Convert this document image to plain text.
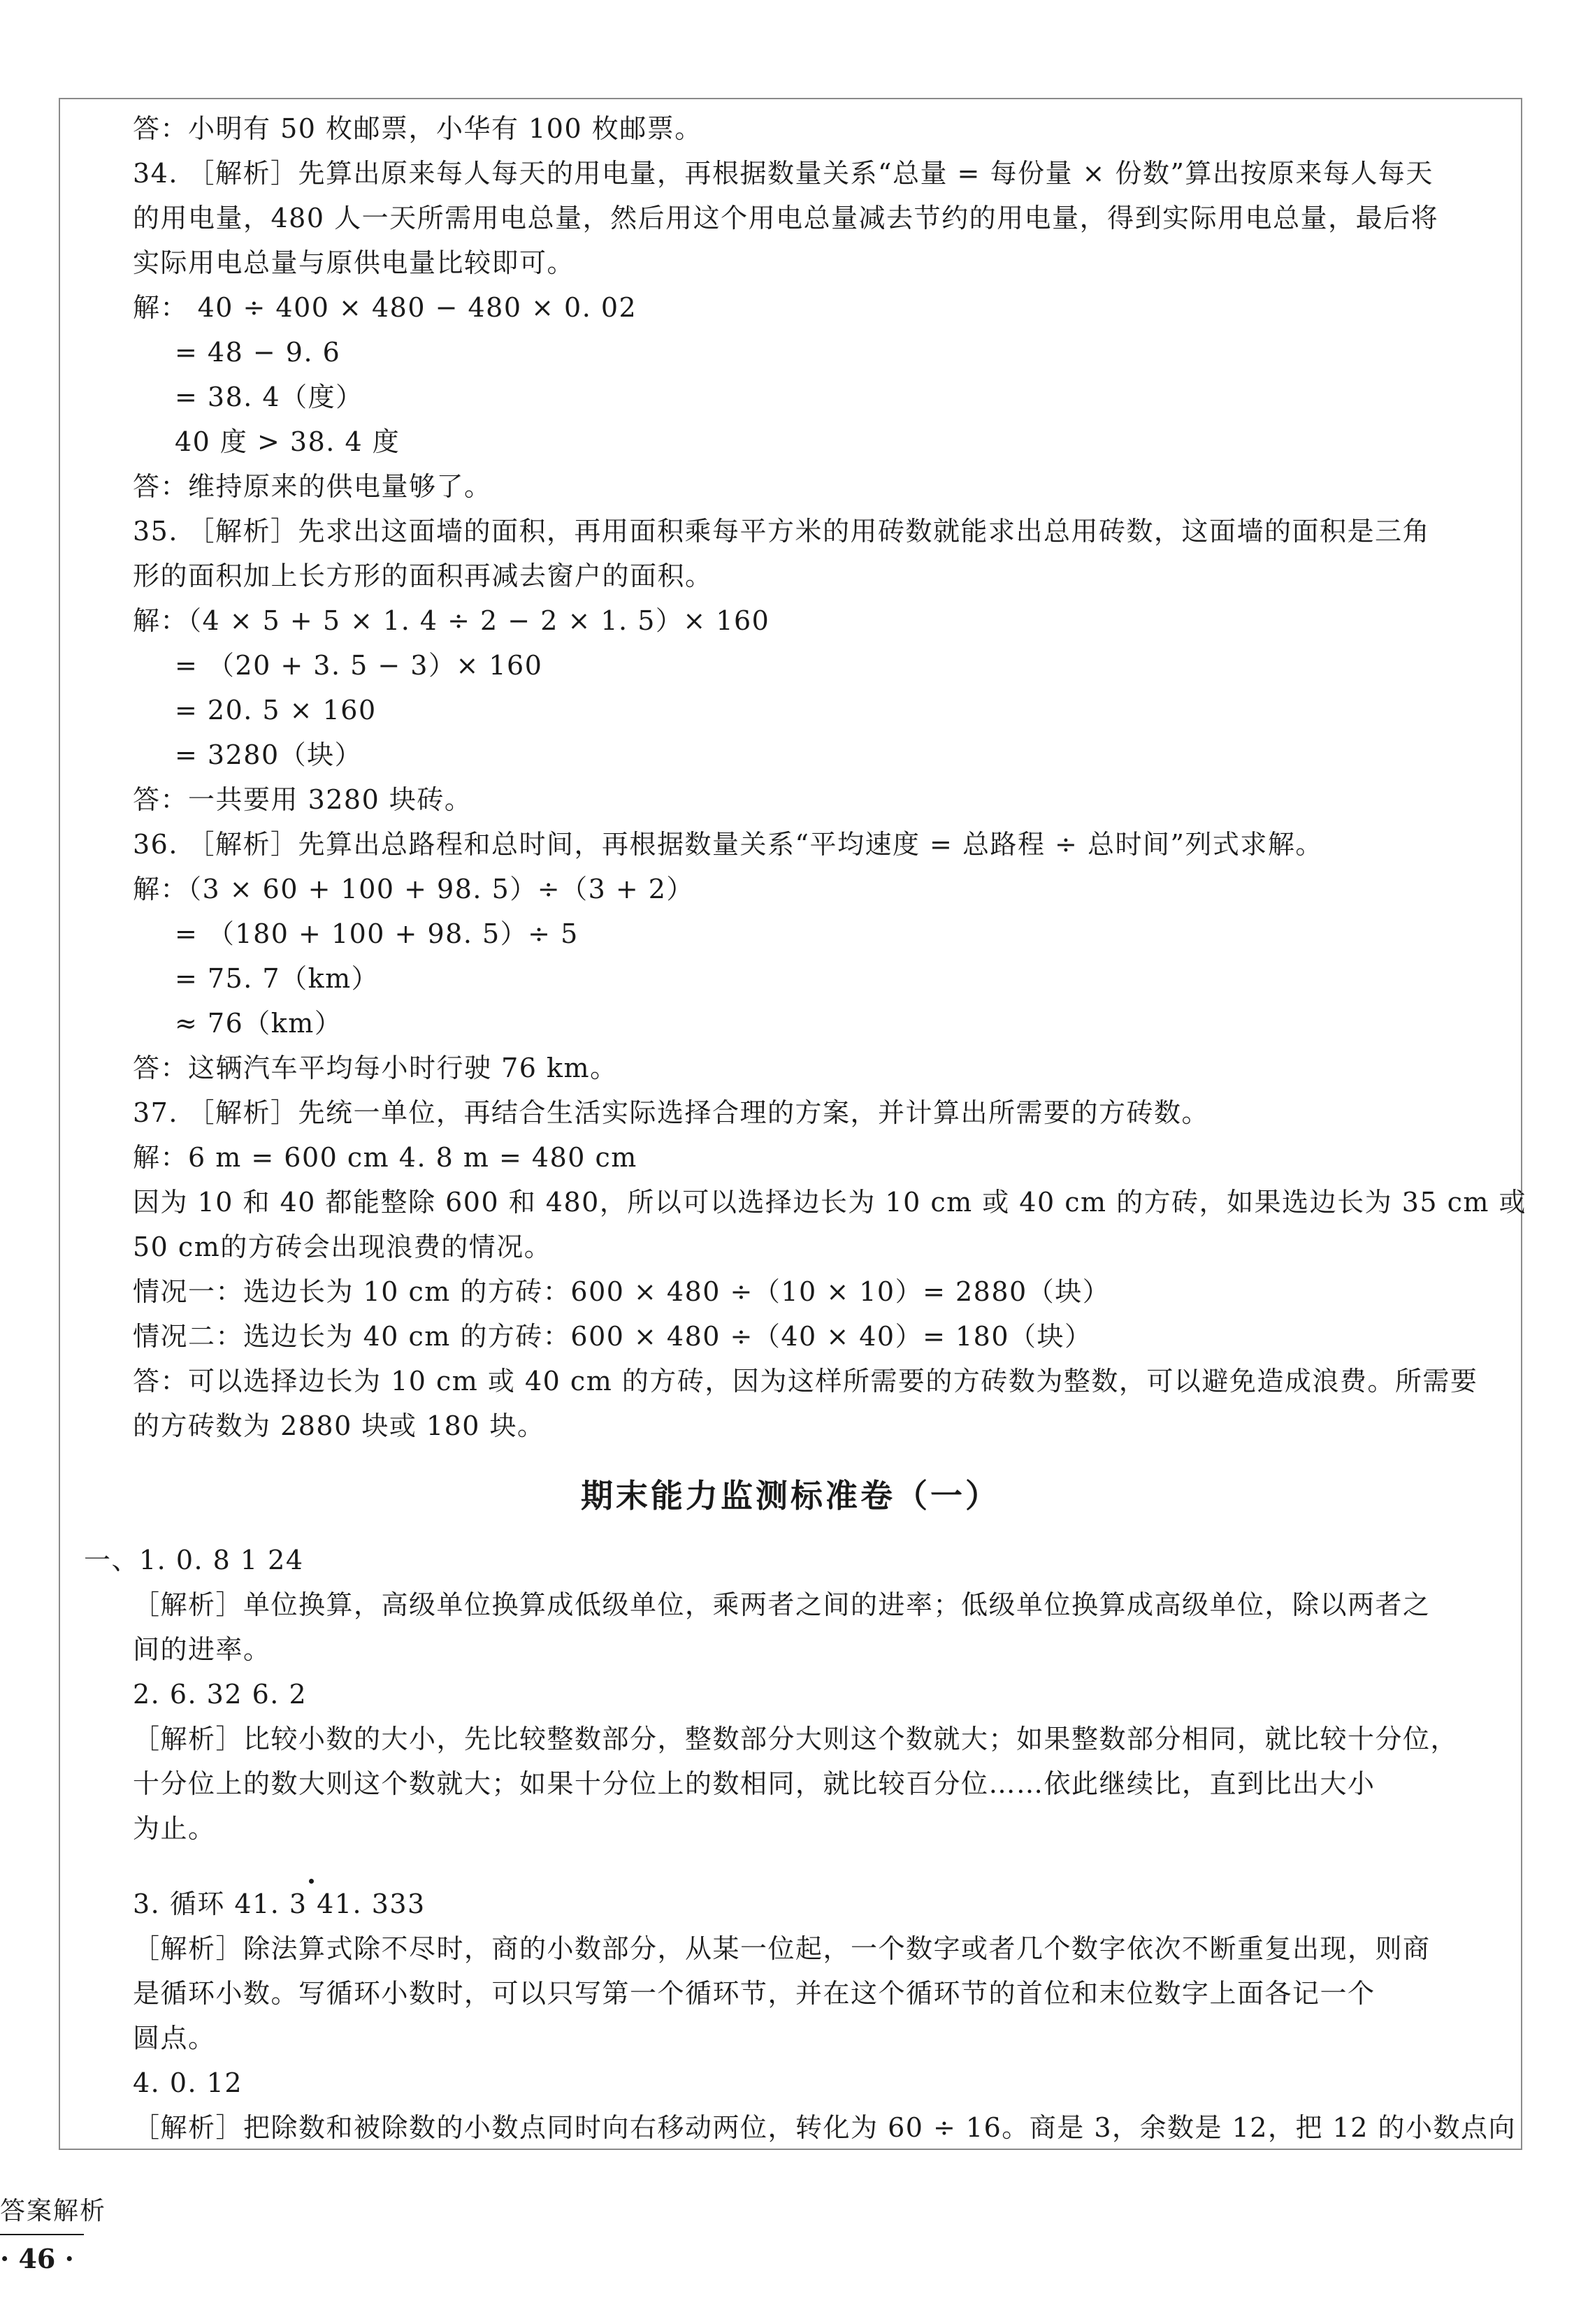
答：小明有 50 枚邮票，小华有 100 枚邮票。
34. ［解析］先算出原来每人每天的用电量，再根据数量关系“总量 = 每份量 × 份数”算出按原来每人每天
的用电量，480 人一天所需用电总量，然后用这个用电总量减去节约的用电量，得到实际用电总量，最后将
实际用电总量与原供电量比较即可。
解： 40 ÷ 400 × 480 − 480 × 0. 02
= 48 − 9. 6
= 38. 4（度）
40 度 > 38. 4 度
答：维持原来的供电量够了。
35. ［解析］先求出这面墙的面积，再用面积乘每平方米的用砖数就能求出总用砖数，这面墙的面积是三角
形的面积加上长方形的面积再减去窗户的面积。
解：（4 × 5 + 5 × 1. 4 ÷ 2 − 2 × 1. 5）× 160
= （20 + 3. 5 − 3）× 160
= 20. 5 × 160
= 3280（块）
答：一共要用 3280 块砖。
36. ［解析］先算出总路程和总时间，再根据数量关系“平均速度 = 总路程 ÷ 总时间”列式求解。
解：（3 × 60 + 100 + 98. 5）÷（3 + 2）
= （180 + 100 + 98. 5）÷ 5
= 75. 7（km）
≈ 76（km）
答：这辆汽车平均每小时行驶 76 km。
37. ［解析］先统一单位，再结合生活实际选择合理的方案，并计算出所需要的方砖数。
解：6 m = 600 cm 4. 8 m = 480 cm
因为 10 和 40 都能整除 600 和 480，所以可以选择边长为 10 cm 或 40 cm 的方砖，如果选边长为 35 cm 或
50 cm的方砖会出现浪费的情况。
情况一：选边长为 10 cm 的方砖：600 × 480 ÷（10 × 10）= 2880（块）
情况二：选边长为 40 cm 的方砖：600 × 480 ÷（40 × 40）= 180（块）
答：可以选择边长为 10 cm 或 40 cm 的方砖，因为这样所需要的方砖数为整数，可以避免造成浪费。所需要
的方砖数为 2880 块或 180 块。
期末能力监测标准卷（一）
一、1. 0. 8 1 24
［解析］单位换算，高级单位换算成低级单位，乘两者之间的进率；低级单位换算成高级单位，除以两者之
间的进率。
2. 6. 32 6. 2
［解析］比较小数的大小，先比较整数部分，整数部分大则这个数就大；如果整数部分相同，就比较十分位，
十分位上的数大则这个数就大；如果十分位上的数相同，就比较百分位……依此继续比，直到比出大小
为止。
3. 循环 41. 3 41. 333
［解析］除法算式除不尽时，商的小数部分，从某一位起，一个数字或者几个数字依次不断重复出现，则商
是循环小数。写循环小数时，可以只写第一个循环节，并在这个循环节的首位和末位数字上面各记一个
圆点。
4. 0. 12
［解析］把除数和被除数的小数点同时向右移动两位，转化为 60 ÷ 16。商是 3，余数是 12，把 12 的小数点向
答案解析
· 46 ·
